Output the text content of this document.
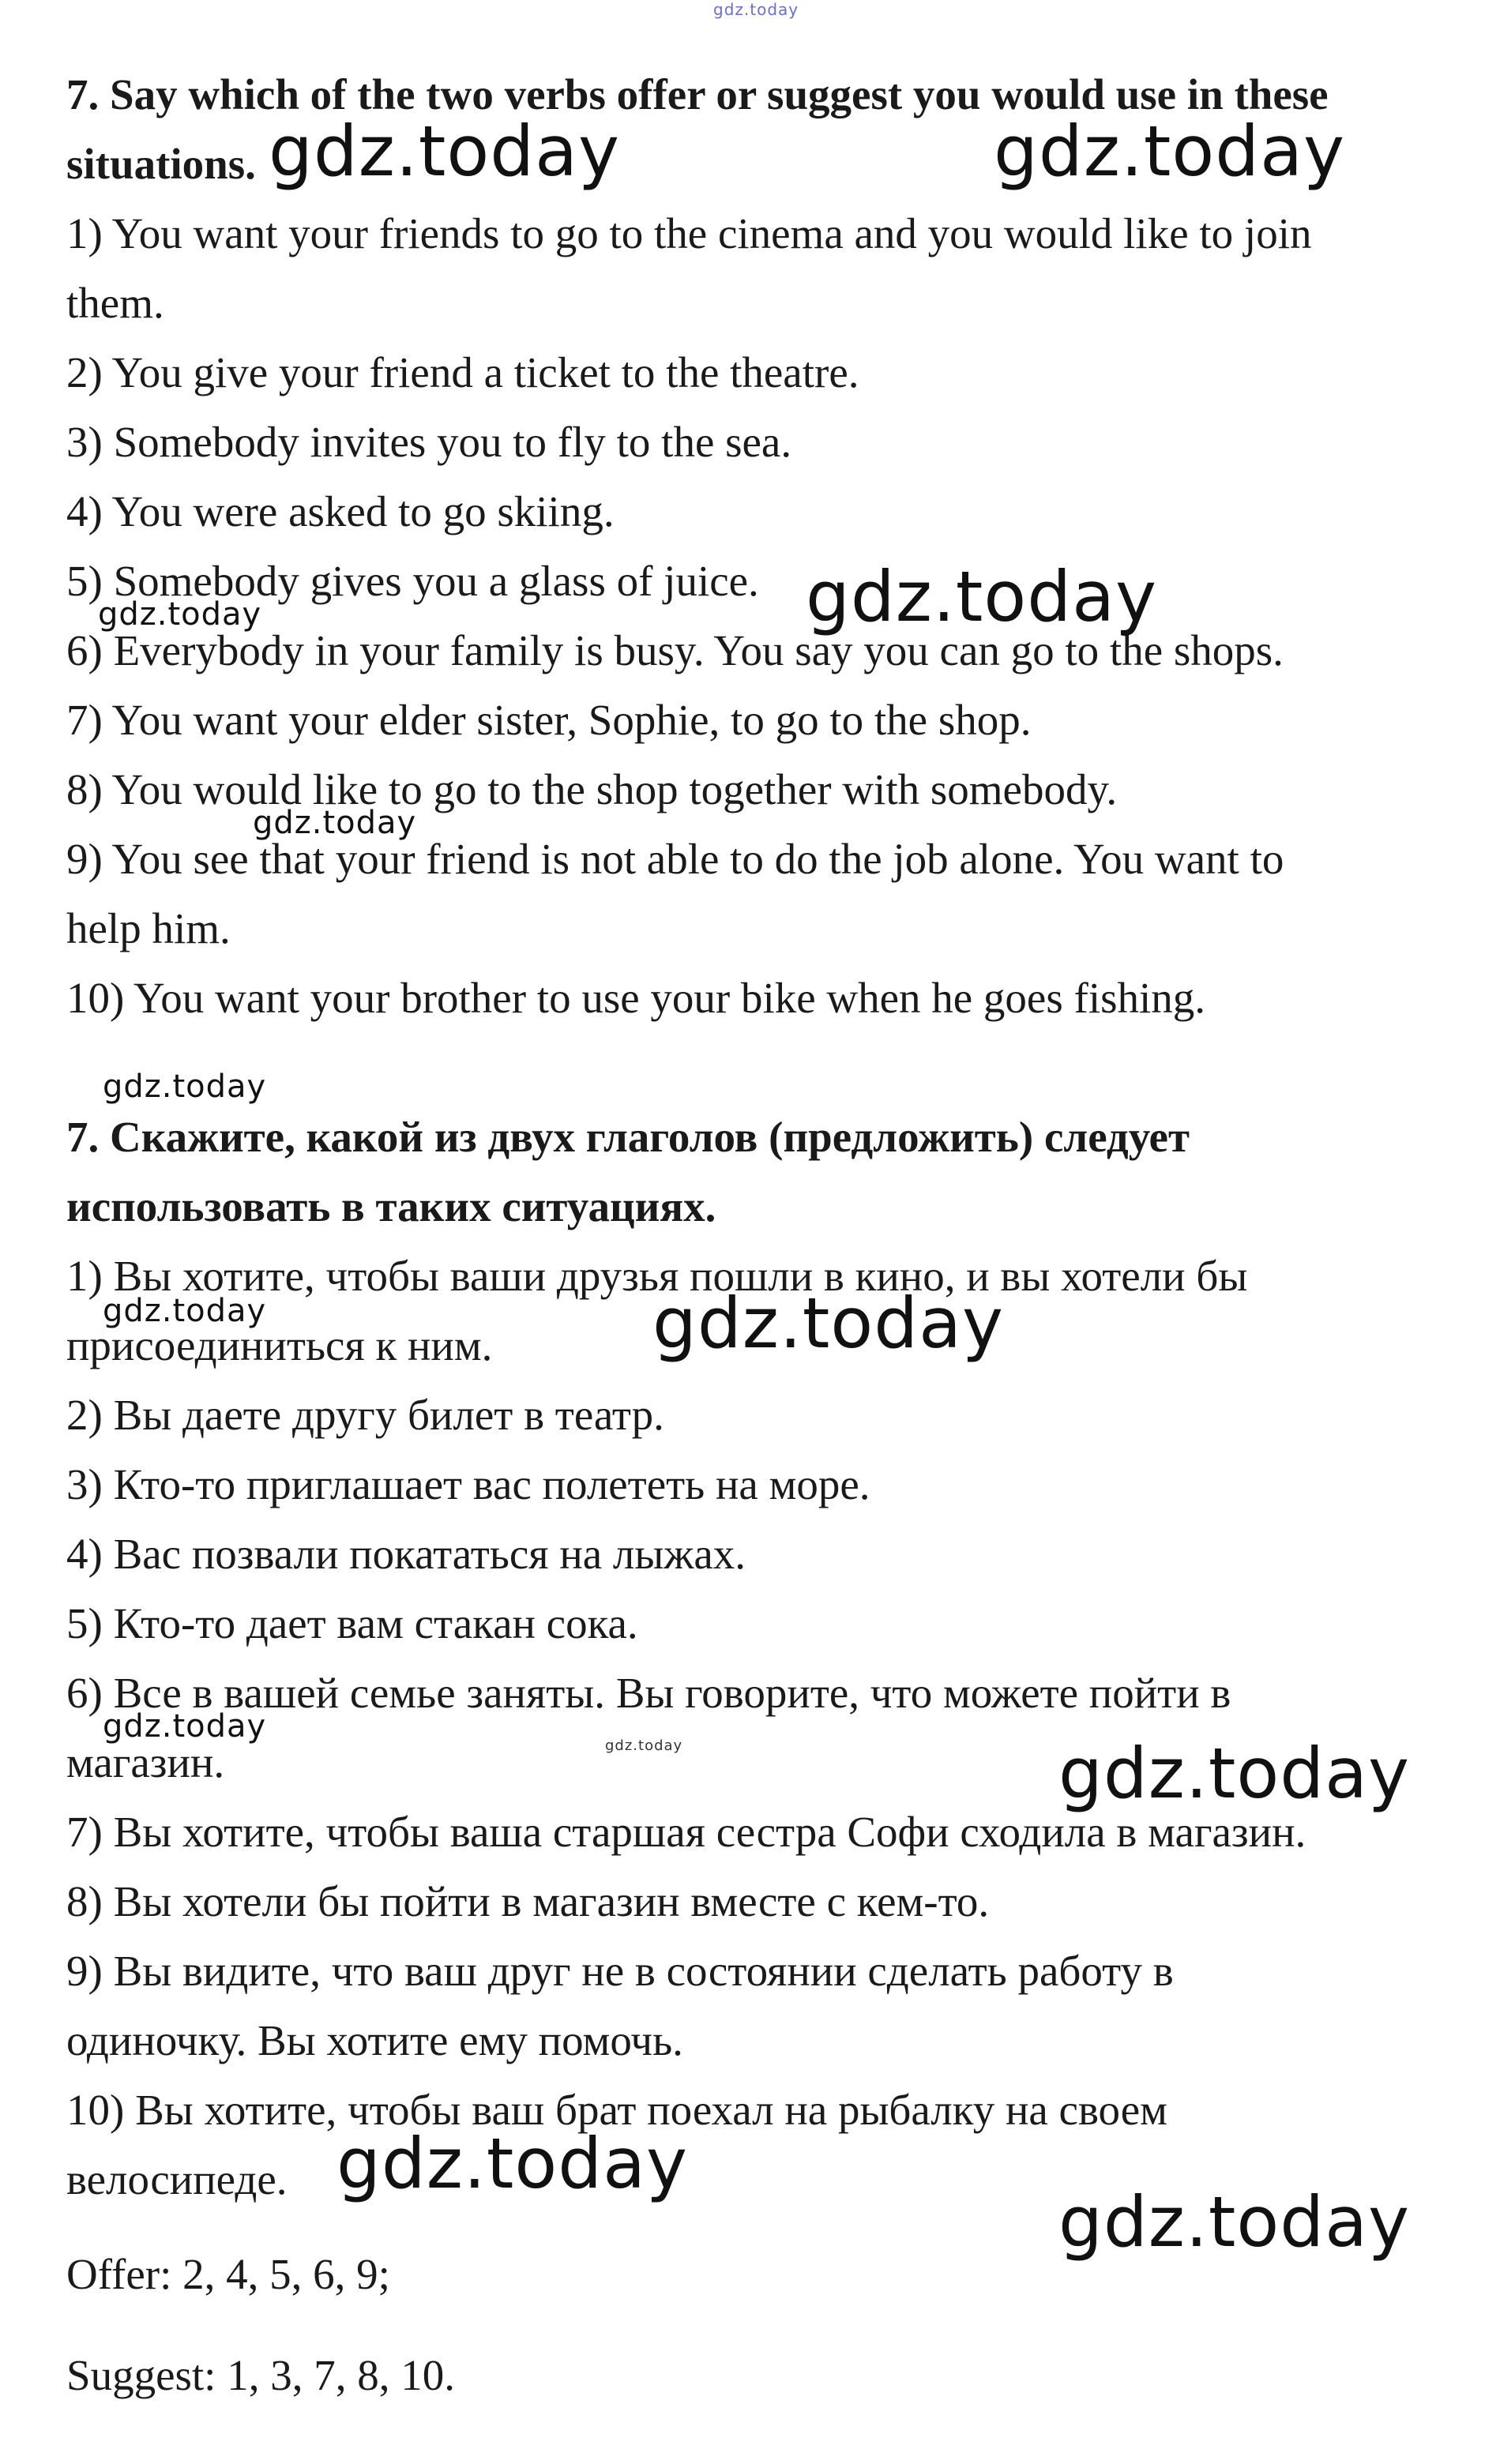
gdz.today
7. Say which of the two verbs offer or suggest you would use in these
situations.
1) You want your friends to go to the cinema and you would like to join
them.
2) You give your friend a ticket to the theatre.
3) Somebody invites you to fly to the sea.
4) You were asked to go skiing.
5) Somebody gives you a glass of juice.
6) Everybody in your family is busy. You say you can go to the shops.
7) You want your elder sister, Sophie, to go to the shop.
8) You would like to go to the shop together with somebody.
9) You see that your friend is not able to do the job alone. You want to
help him.
10) You want your brother to use your bike when he goes fishing.
7. Скажите, какой из двух глаголов (предложить) следует
использовать в таких ситуациях.
1) Вы хотите, чтобы ваши друзья пошли в кино, и вы хотели бы
присоединиться к ним.
2) Вы даете другу билет в театр.
3) Кто-то приглашает вас полететь на море.
4) Вас позвали покататься на лыжах.
5) Кто-то дает вам стакан сока.
6) Все в вашей семье заняты. Вы говорите, что можете пойти в
магазин.
7) Вы хотите, чтобы ваша старшая сестра Софи сходила в магазин.
8) Вы хотели бы пойти в магазин вместе с кем-то.
9) Вы видите, что ваш друг не в состоянии сделать работу в
одиночку. Вы хотите ему помочь.
10) Вы хотите, чтобы ваш брат поехал на рыбалку на своем
велосипеде.
Offer: 2, 4, 5, 6, 9;
Suggest: 1, 3, 7, 8, 10.
gdz.today	gdz.today
gdz.today
gdz.today
gdz.today
gdz.today
gdz.today	gdz.today
gdz.today
gdz.today	gdz.today
gdz.today
gdz.today
